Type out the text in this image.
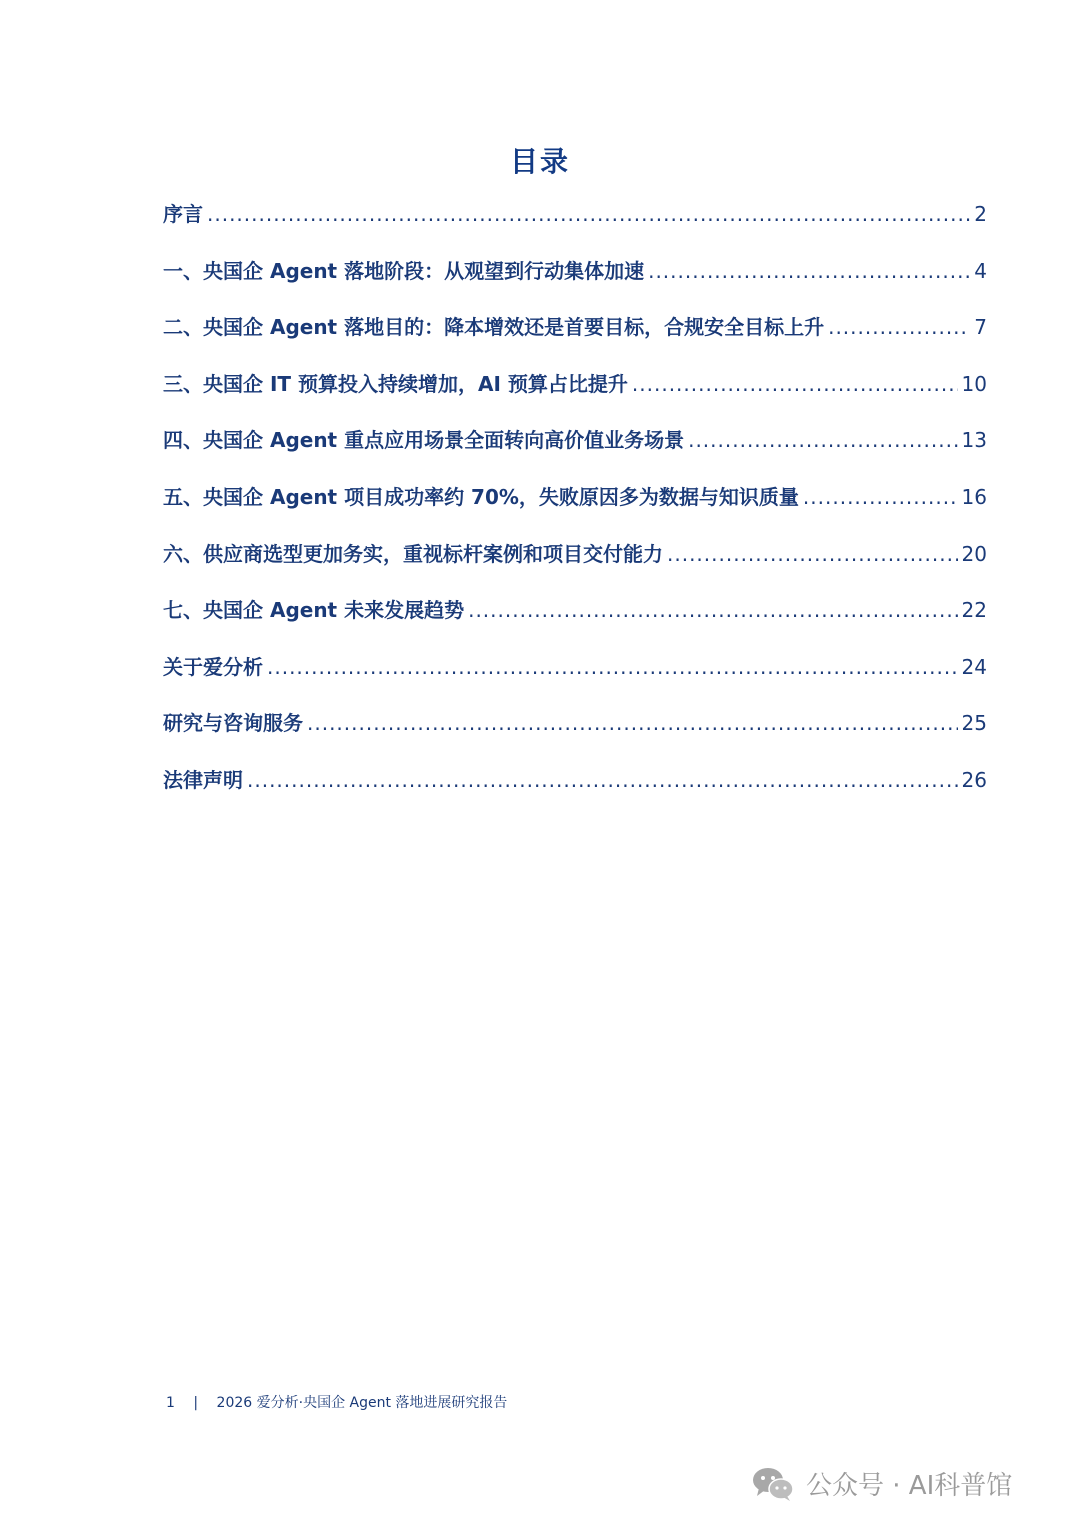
目录
序言 .....	2
一、央国企 Agent 落地阶段：从观望到行动集体加速 .....	4
二、央国企 Agent 落地目的：降本增效还是首要目标，合规安全目标上升 .....	7
三、央国企 IT 预算投入持续增加，AI 预算占比提升 .....	10
四、央国企 Agent 重点应用场景全面转向高价值业务场景 .....	13
五、央国企 Agent 项目成功率约 70%，失败原因多为数据与知识质量 .....	16
六、供应商选型更加务实，重视标杆案例和项目交付能力 .....	20
七、央国企 Agent 未来发展趋势 .....	22
关于爱分析 .....	24
研究与咨询服务 .....	25
法律声明 .....	26
1 | 2026 爱分析·央国企 Agent 落地进展研究报告
公众号 · AI科普馆
